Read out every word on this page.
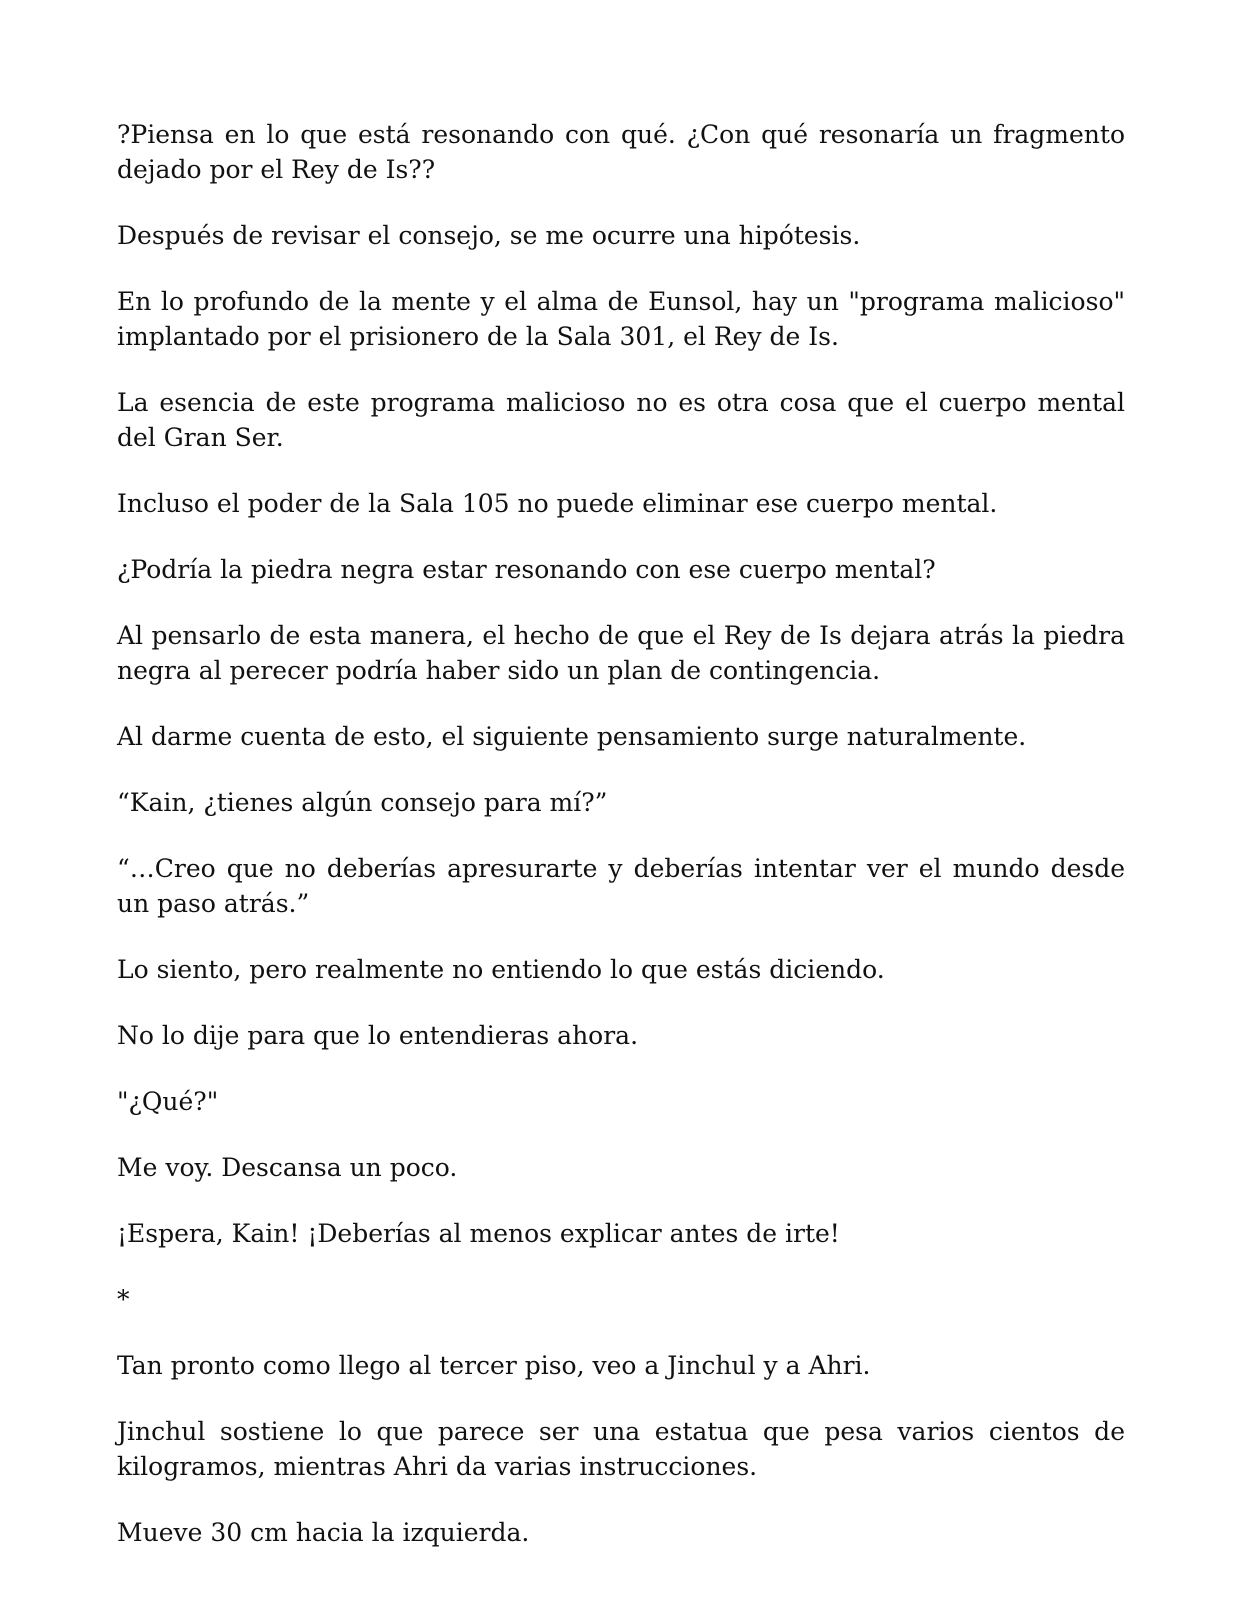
?Piensa en lo que está resonando con qué. ¿Con qué resonaría un fragmento dejado por el Rey de Is??

Después de revisar el consejo, se me ocurre una hipótesis.

En lo profundo de la mente y el alma de Eunsol, hay un "programa malicioso" implantado por el prisionero de la Sala 301, el Rey de Is.

La esencia de este programa malicioso no es otra cosa que el cuerpo mental del Gran Ser.

Incluso el poder de la Sala 105 no puede eliminar ese cuerpo mental.

¿Podría la piedra negra estar resonando con ese cuerpo mental?

Al pensarlo de esta manera, el hecho de que el Rey de Is dejara atrás la piedra negra al perecer podría haber sido un plan de contingencia.

Al darme cuenta de esto, el siguiente pensamiento surge naturalmente.

“Kain, ¿tienes algún consejo para mí?”

“…Creo que no deberías apresurarte y deberías intentar ver el mundo desde un paso atrás.”

Lo siento, pero realmente no entiendo lo que estás diciendo.

No lo dije para que lo entendieras ahora.

"¿Qué?"

Me voy. Descansa un poco.

¡Espera, Kain! ¡Deberías al menos explicar antes de irte!

*

Tan pronto como llego al tercer piso, veo a Jinchul y a Ahri.

Jinchul sostiene lo que parece ser una estatua que pesa varios cientos de kilogramos, mientras Ahri da varias instrucciones.

Mueve 30 cm hacia la izquierda.
